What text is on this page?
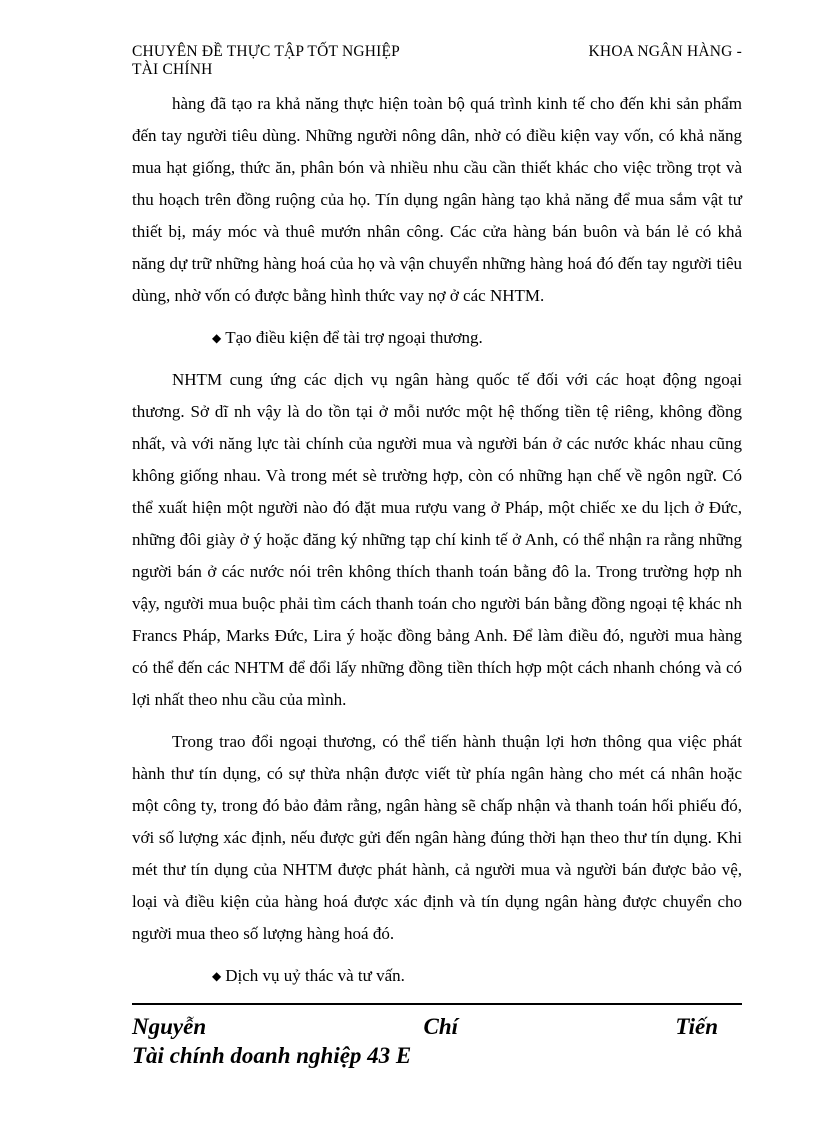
CHUYÊN ĐỀ THỰC TẬP TỐT NGHIỆP	KHOA NGÂN HÀNG -
TÀI CHÍNH

hàng đã tạo ra khả năng thực hiện toàn bộ quá trình kinh tế cho đến khi sản phẩm đến tay người tiêu dùng. Những người nông dân, nhờ có điều kiện vay vốn, có khả năng mua hạt giống, thức ăn, phân bón và nhiều nhu cầu cần thiết khác cho việc trồng trọt và thu hoạch trên đồng ruộng của họ. Tín dụng ngân hàng tạo khả năng để mua sắm vật tư thiết bị, máy móc và thuê mướn nhân công. Các cửa hàng bán buôn và bán lẻ có khả năng dự trữ những hàng hoá của họ và vận chuyển những hàng hoá đó đến tay người tiêu dùng, nhờ vốn có được bằng hình thức vay nợ ở các NHTM.

◆ Tạo điều kiện để tài trợ ngoại thương.

NHTM cung ứng các dịch vụ ngân hàng quốc tế đối với các hoạt động ngoại thương. Sở dĩ nh vậy là do tồn tại ở mỗi nước một hệ thống tiền tệ riêng, không đồng nhất, và với năng lực tài chính của người mua và người bán ở các nước khác nhau cũng không giống nhau. Và trong mét sè trường hợp, còn có những hạn chế về ngôn ngữ. Có thể xuất hiện một người nào đó đặt mua rượu vang ở Pháp, một chiếc xe du lịch ở Đức, những đôi giày ở ý hoặc đăng ký những tạp chí kinh tế ở Anh, có thể nhận ra rằng những người bán ở các nước nói trên không thích thanh toán bằng đô la. Trong trường hợp nh vậy, người mua buộc phải tìm cách thanh toán cho người bán bằng đồng ngoại tệ khác nh Francs Pháp, Marks Đức, Lira ý hoặc đồng bảng Anh. Để làm điều đó, người mua hàng có thể đến các NHTM để đổi lấy những đồng tiền thích hợp một cách nhanh chóng và có lợi nhất theo nhu cầu của mình.

Trong trao đổi ngoại thương, có thể tiến hành thuận lợi hơn thông qua việc phát hành thư tín dụng, có sự thừa nhận được viết từ phía ngân hàng cho mét cá nhân hoặc một công ty, trong đó bảo đảm rằng, ngân hàng sẽ chấp nhận và thanh toán hối phiếu đó, với số lượng xác định, nếu được gửi đến ngân hàng đúng thời hạn theo thư tín dụng. Khi mét thư tín dụng của NHTM được phát hành, cả người mua và người bán được bảo vệ, loại và điều kiện của hàng hoá được xác định và tín dụng ngân hàng được chuyển cho người mua theo số lượng hàng hoá đó.

◆ Dịch vụ uỷ thác và tư vấn.

Nguyễn	Chí	Tiến
Tài chính doanh nghiệp 43 E
